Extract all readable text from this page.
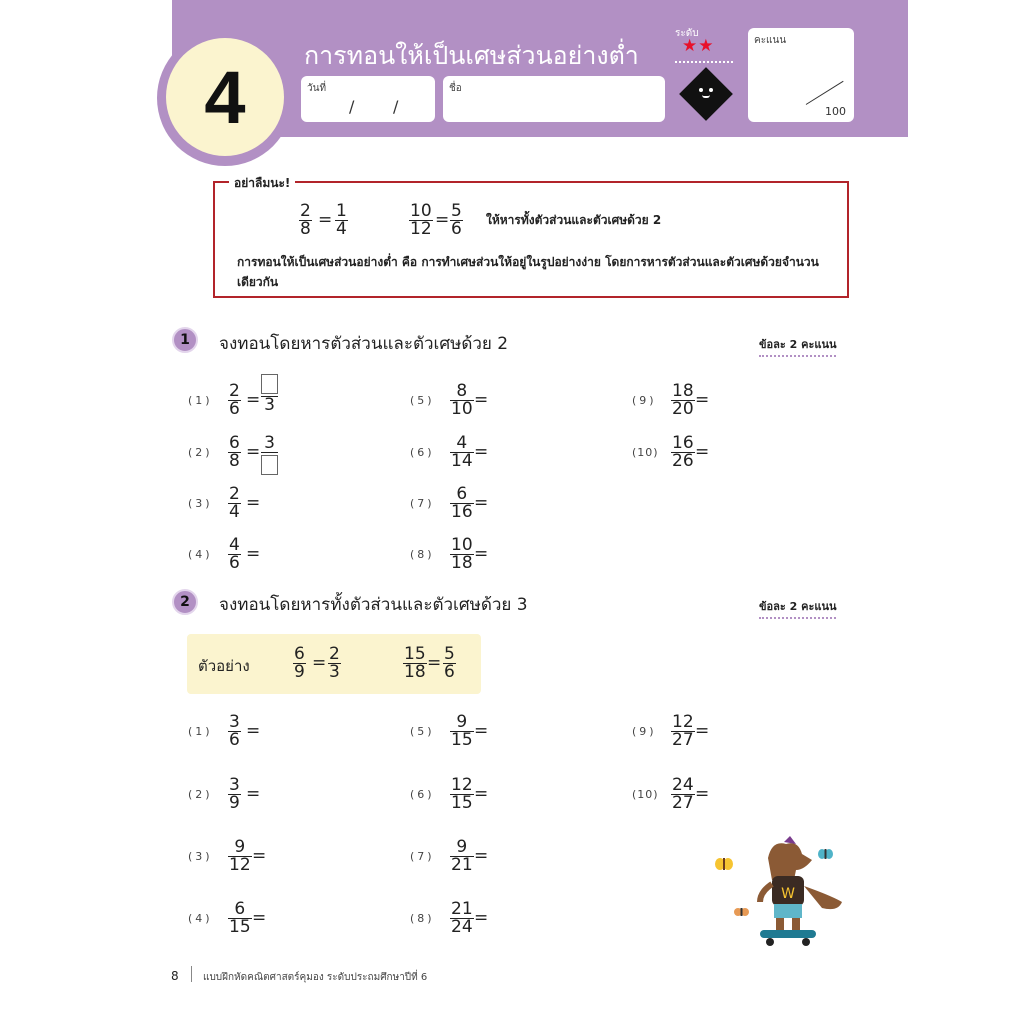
4	การทอนให้เป็นเศษส่วนอย่างต่ำ
วันที่
/ /
ชื่อ
ระดับ
★★	คะแนน
100
อย่าลืมนะ!
2
8 = 1
4
10
12 = 5
6 ให้หารทั้งตัวส่วนและตัวเศษด้วย 2
การทอนให้เป็นเศษส่วนอย่างต่ำ คือ การทำเศษส่วนให้อยู่ในรูปอย่างง่าย โดยการหารตัวส่วนและตัวเศษด้วยจำนวนเดียวกัน
1	จงทอนโดยหารตัวส่วนและตัวเศษด้วย 2	ข้อละ 2 คะแนน
(1) 2
6 = 3
(2) 6
8 = 3
(3) 2
4 =
(4) 4
6 =
(5) 8
10 =
(6) 4
14 =
(7) 6
16 =
(8) 10
18 =
(9) 18
20 =
(10) 16
26 =
2	จงทอนโดยหารทั้งตัวส่วนและตัวเศษด้วย 3	ข้อละ 2 คะแนน
ตัวอย่าง
6
9 = 2
3
15
18 = 5
6
(1) 3
6 =
(2) 3
9 =
(3) 9
12 =
(4) 6
15 =
(5) 9
15 =
(6) 12
15 =
(7) 9
21 =
(8) 21
24 =
(9) 12
27 =
(10) 24
27 =
W
8 แบบฝึกหัดคณิตศาสตร์คุมอง ระดับประถมศึกษาปีที่ 6
